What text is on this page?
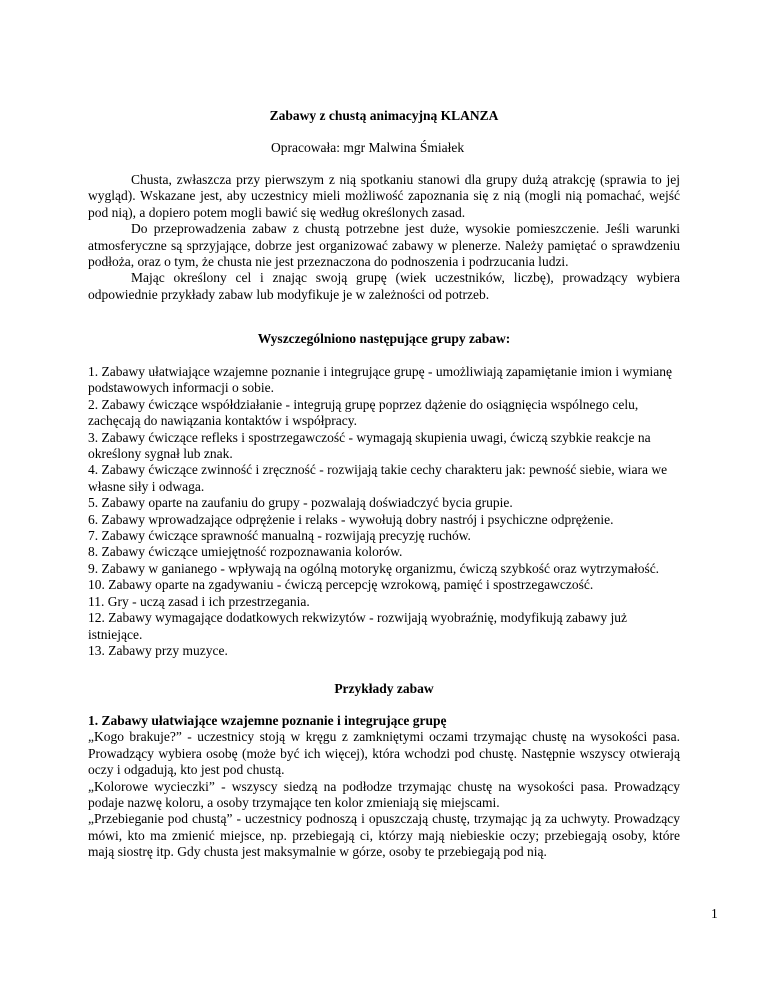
Zabawy z chustą animacyjną KLANZA

Opracowała: mgr Malwina Śmiałek

Chusta, zwłaszcza przy pierwszym z nią spotkaniu stanowi dla grupy dużą atrakcję (sprawia to jej wygląd). Wskazane jest, aby uczestnicy mieli możliwość zapoznania się z nią (mogli nią pomachać, wejść pod nią), a dopiero potem mogli bawić się według określonych zasad.

Do przeprowadzenia zabaw z chustą potrzebne jest duże, wysokie pomieszczenie. Jeśli warunki atmosferyczne są sprzyjające, dobrze jest organizować zabawy w plenerze. Należy pamiętać o sprawdzeniu podłoża, oraz o tym, że chusta nie jest przeznaczona do podnoszenia i podrzucania ludzi.

Mając określony cel i znając swoją grupę (wiek uczestników, liczbę), prowadzący wybiera odpowiednie przykłady zabaw lub modyfikuje je w zależności od potrzeb.

Wyszczególniono następujące grupy zabaw:
1. Zabawy ułatwiające wzajemne poznanie i integrujące grupę - umożliwiają zapamiętanie imion i wymianę podstawowych informacji o sobie.
2. Zabawy ćwiczące współdziałanie - integrują grupę poprzez dążenie do osiągnięcia wspólnego celu, zachęcają do nawiązania kontaktów i współpracy.
3. Zabawy ćwiczące refleks i spostrzegawczość - wymagają skupienia uwagi, ćwiczą szybkie reakcje na określony sygnał lub znak.
4. Zabawy ćwiczące zwinność i zręczność - rozwijają takie cechy charakteru jak: pewność siebie, wiara we własne siły i odwaga.
5. Zabawy oparte na zaufaniu do grupy - pozwalają doświadczyć bycia grupie.
6. Zabawy wprowadzające odprężenie i relaks - wywołują dobry nastrój i psychiczne odprężenie.
7. Zabawy ćwiczące sprawność manualną - rozwijają precyzję ruchów.
8. Zabawy ćwiczące umiejętność rozpoznawania kolorów.
9. Zabawy w ganianego - wpływają na ogólną motorykę organizmu, ćwiczą szybkość oraz wytrzymałość.
10. Zabawy oparte na zgadywaniu - ćwiczą percepcję wzrokową, pamięć i spostrzegawczość.
11. Gry - uczą zasad i ich przestrzegania.
12. Zabawy wymagające dodatkowych rekwizytów - rozwijają wyobraźnię, modyfikują zabawy już istniejące.
13. Zabawy przy muzyce.
Przykłady zabaw
1. Zabawy ułatwiające wzajemne poznanie i integrujące grupę

„Kogo brakuje?” - uczestnicy stoją w kręgu z zamkniętymi oczami trzymając chustę na wysokości pasa. Prowadzący wybiera osobę (może być ich więcej), która wchodzi pod chustę. Następnie wszyscy otwierają oczy i odgadują, kto jest pod chustą.

„Kolorowe wycieczki” - wszyscy siedzą na podłodze trzymając chustę na wysokości pasa. Prowadzący podaje nazwę koloru, a osoby trzymające ten kolor zmieniają się miejscami.

„Przebieganie pod chustą” - uczestnicy podnoszą i opuszczają chustę, trzymając ją za uchwyty. Prowadzący mówi, kto ma zmienić miejsce, np. przebiegają ci, którzy mają niebieskie oczy; przebiegają osoby, które mają siostrę itp. Gdy chusta jest maksymalnie w górze, osoby te przebiegają pod nią.

1
